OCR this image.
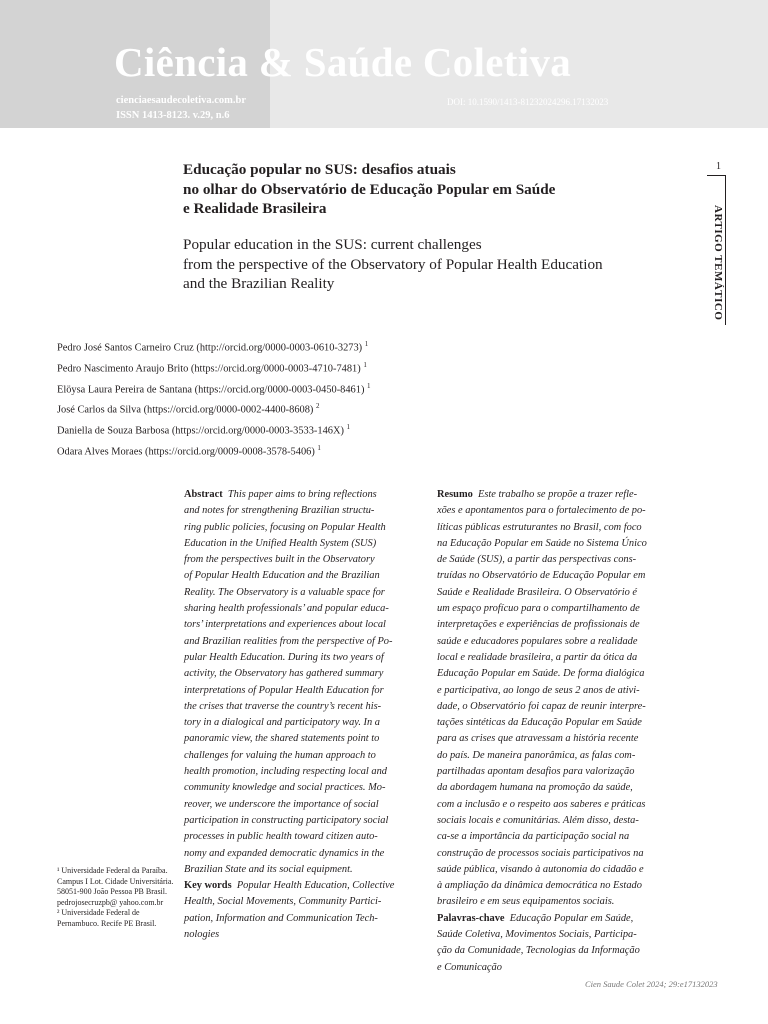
Ciência & Saúde Coletiva
cienciaesaudecoletiva.com.br
ISSN 1413-8123. v.29, n.6
DOI: 10.1590/1413-81232024296.17132023
1
ARTIGO TEMÁTICO
Educação popular no SUS: desafios atuais
no olhar do Observatório de Educação Popular em Saúde
e Realidade Brasileira
Popular education in the SUS: current challenges
from the perspective of the Observatory of Popular Health Education
and the Brazilian Reality
Pedro José Santos Carneiro Cruz (http://orcid.org/0000-0003-0610-3273) $^1$
Pedro Nascimento Araujo Brito (https://orcid.org/0000-0003-4710-7481) $^1$
Elöysa Laura Pereira de Santana (https://orcid.org/0000-0003-0450-8461) $^1$
José Carlos da Silva (https://orcid.org/0000-0002-4400-8608) $^2$
Daniella de Souza Barbosa (https://orcid.org/0000-0003-3533-146X) $^1$
Odara Alves Moraes (https://orcid.org/0009-0008-3578-5406) $^1$
¹ Universidade Federal da Paraíba. Campus I Lot. Cidade Universitária. 58051-900 João Pessoa PB Brasil. pedrojosecruzpb@ yahoo.com.br
² Universidade Federal de Pernambuco. Recife PE Brasil.
Abstract This paper aims to bring reflections
and notes for strengthening Brazilian structu-
ring public policies, focusing on Popular Health
Education in the Unified Health System (SUS)
from the perspectives built in the Observatory
of Popular Health Education and the Brazilian
Reality. The Observatory is a valuable space for
sharing health professionals’ and popular educa-
tors’ interpretations and experiences about local
and Brazilian realities from the perspective of Po-
pular Health Education. During its two years of
activity, the Observatory has gathered summary
interpretations of Popular Health Education for
the crises that traverse the country’s recent his-
tory in a dialogical and participatory way. In a
panoramic view, the shared statements point to
challenges for valuing the human approach to
health promotion, including respecting local and
community knowledge and social practices. Mo-
reover, we underscore the importance of social
participation in constructing participatory social
processes in public health toward citizen auto-
nomy and expanded democratic dynamics in the
Brazilian State and its social equipment.
Key words Popular Health Education, Collective
Health, Social Movements, Community Partici-
pation, Information and Communication Tech-
nologies
Resumo Este trabalho se propõe a trazer refle-
xões e apontamentos para o fortalecimento de po-
líticas públicas estruturantes no Brasil, com foco
na Educação Popular em Saúde no Sistema Único
de Saúde (SUS), a partir das perspectivas cons-
truídas no Observatório de Educação Popular em
Saúde e Realidade Brasileira. O Observatório é
um espaço profícuo para o compartilhamento de
interpretações e experiências de profissionais de
saúde e educadores populares sobre a realidade
local e realidade brasileira, a partir da ótica da
Educação Popular em Saúde. De forma dialógica
e participativa, ao longo de seus 2 anos de ativi-
dade, o Observatório foi capaz de reunir interpre-
tações sintéticas da Educação Popular em Saúde
para as crises que atravessam a história recente
do país. De maneira panorâmica, as falas com-
partilhadas apontam desafios para valorização
da abordagem humana na promoção da saúde,
com a inclusão e o respeito aos saberes e práticas
sociais locais e comunitárias. Além disso, desta-
ca-se a importância da participação social na
construção de processos sociais participativos na
saúde pública, visando à autonomia do cidadão e
à ampliação da dinâmica democrática no Estado
brasileiro e em seus equipamentos sociais.
Palavras-chave Educação Popular em Saúde,
Saúde Coletiva, Movimentos Sociais, Participa-
ção da Comunidade, Tecnologias da Informação
e Comunicação
Cien Saude Colet 2024; 29:e17132023
